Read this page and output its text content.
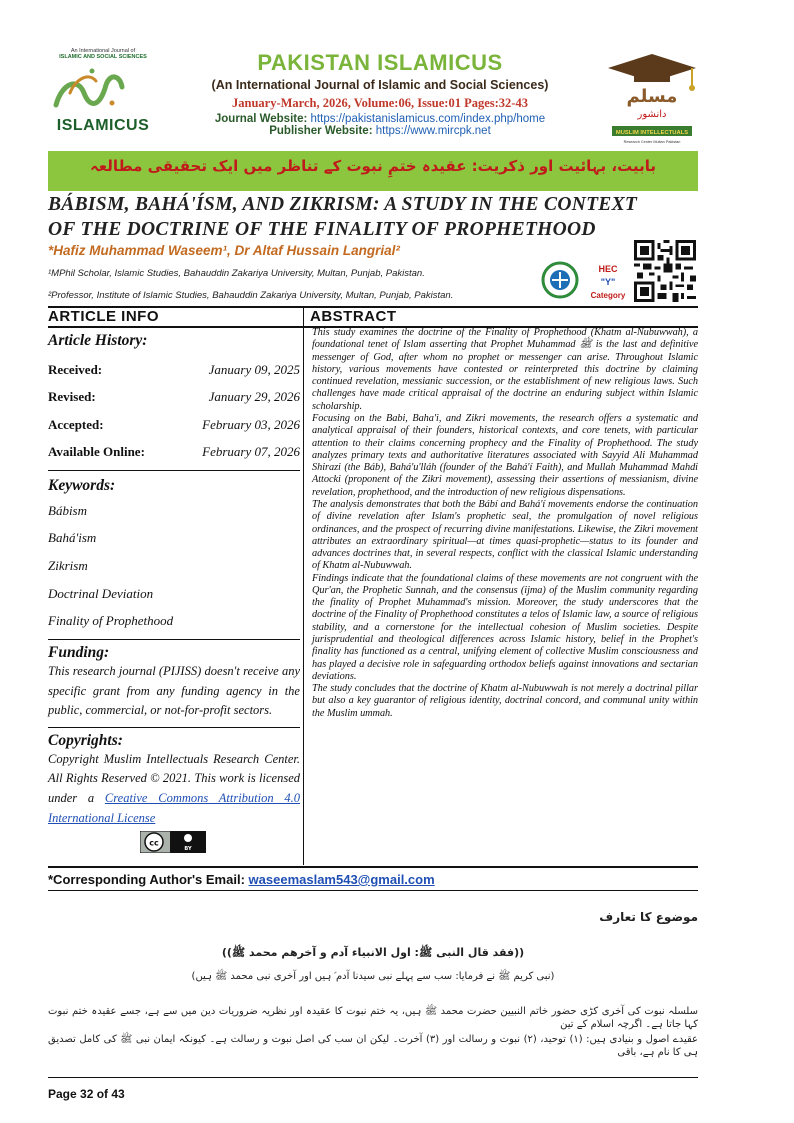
An International Journal of
ISLAMIC AND SOCIAL SCIENCES
ISLAMICUS
PAKISTAN ISLAMICUS
(An International Journal of Islamic and Social Sciences)
January-March, 2026, Volume:06, Issue:01 Pages:32-43
Journal Website: https://pakistanislamicus.com/index.php/home
Publisher Website: https://www.mircpk.net
مسلم
دانشور
MUSLIM INTELLECTUALS
Research Center Multan Pakistan
بابیت، بہائیت اور ذکریت: عقیدہ ختمِ نبوت کے تناظر میں ایک تحقیقی مطالعہ
BÁBISM, BAHÁ'ÍSM, AND ZIKRISM: A STUDY IN THE CONTEXT
OF THE DOCTRINE OF THE FINALITY OF PROPHETHOOD
*Hafiz Muhammad Waseem¹, Dr Altaf Hussain Langrial²
¹MPhil Scholar, Islamic Studies, Bahauddin Zakariya University, Multan, Punjab, Pakistan.
²Professor, Institute of Islamic Studies, Bahauddin Zakariya University, Multan, Punjab, Pakistan.
HEC
"Y"
Category
ARTICLE INFO	ABSTRACT
Article History:
Received:	January 09, 2025
Revised:	January 29, 2026
Accepted:	February 03, 2026
Available Online:	February 07, 2026
Keywords:
Bábism
Bahá'ism
Zikrism
Doctrinal Deviation
Finality of Prophethood
Funding:
This research journal (PIJISS) doesn't receive any specific grant from any funding agency in the public, commercial, or not-for-profit sectors.
Copyrights:
Copyright Muslim Intellectuals Research Center. All Rights Reserved © 2021. This work is licensed under a Creative Commons Attribution 4.0 International License
cc
BY

This study examines the doctrine of the Finality of Prophethood (Khatm al-Nubuwwah), a foundational tenet of Islam asserting that Prophet Muhammad ﷺ is the last and definitive messenger of God, after whom no prophet or messenger can arise. Throughout Islamic history, various movements have contested or reinterpreted this doctrine by claiming continued revelation, messianic succession, or the establishment of new religious laws. Such challenges have made critical appraisal of the doctrine an enduring subject within Islamic scholarship.

Focusing on the Babi, Baha'i, and Zikri movements, the research offers a systematic and analytical appraisal of their founders, historical contexts, and core tenets, with particular attention to their claims concerning prophecy and the Finality of Prophethood. The study analyzes primary texts and authoritative literatures associated with Sayyid Ali Muhammad Shirazi (the Báb), Bahá'u'lláh (founder of the Bahá'í Faith), and Mullah Muhammad Mahdi Attocki (proponent of the Zikri movement), assessing their assertions of messianism, divine revelation, prophethood, and the introduction of new religious dispensations.

The analysis demonstrates that both the Bábí and Bahá'í movements endorse the continuation of divine revelation after Islam's prophetic seal, the promulgation of novel religious ordinances, and the prospect of recurring divine manifestations. Likewise, the Zikri movement attributes an extraordinary spiritual—at times quasi-prophetic—status to its founder and advances doctrines that, in several respects, conflict with the classical Islamic understanding of Khatm al-Nubuwwah.

Findings indicate that the foundational claims of these movements are not congruent with the Qur'an, the Prophetic Sunnah, and the consensus (ijma) of the Muslim community regarding the finality of Prophet Muhammad's mission. Moreover, the study underscores that the doctrine of the Finality of Prophethood constitutes a telos of Islamic law, a source of religious stability, and a cornerstone for the intellectual cohesion of Muslim societies. Despite jurisprudential and theological differences across Islamic history, belief in the Prophet's finality has functioned as a central, unifying element of collective Muslim consciousness and has played a decisive role in safeguarding orthodox beliefs against innovations and sectarian deviations.

The study concludes that the doctrine of Khatm al-Nubuwwah is not merely a doctrinal pillar but also a key guarantor of religious identity, doctrinal concord, and communal unity within the Muslim ummah.

*Corresponding Author's Email: waseemaslam543@gmail.com
موضوع کا تعارف
((فقد قال النبی ﷺ: اول الانبیاء آدم و آخرھم محمد ﷺ))
(نبی کریم ﷺ نے فرمایا: سب سے پہلے نبی سیدنا آدم ؑ ہیں اور آخری نبی محمد ﷺ ہیں)
سلسلہ نبوت کی آخری کڑی حضور خاتم النبیین حضرت محمد ﷺ ہیں، یہ ختم نبوت کا عقیدہ اور نظریہ ضروریات دین میں سے ہے، جسے عقیدہ ختم نبوت کہا جاتا ہے۔ اگرچہ اسلام کے تین
عقیدے اصول و بنیادی ہیں: (۱) توحید، (۲) نبوت و رسالت اور (۳) آخرت۔ لیکن ان سب کی اصل نبوت و رسالت ہے۔ کیونکہ ایمان نبی ﷺ کی کامل تصدیق ہی کا نام ہے، باقی
Page 32 of 43
